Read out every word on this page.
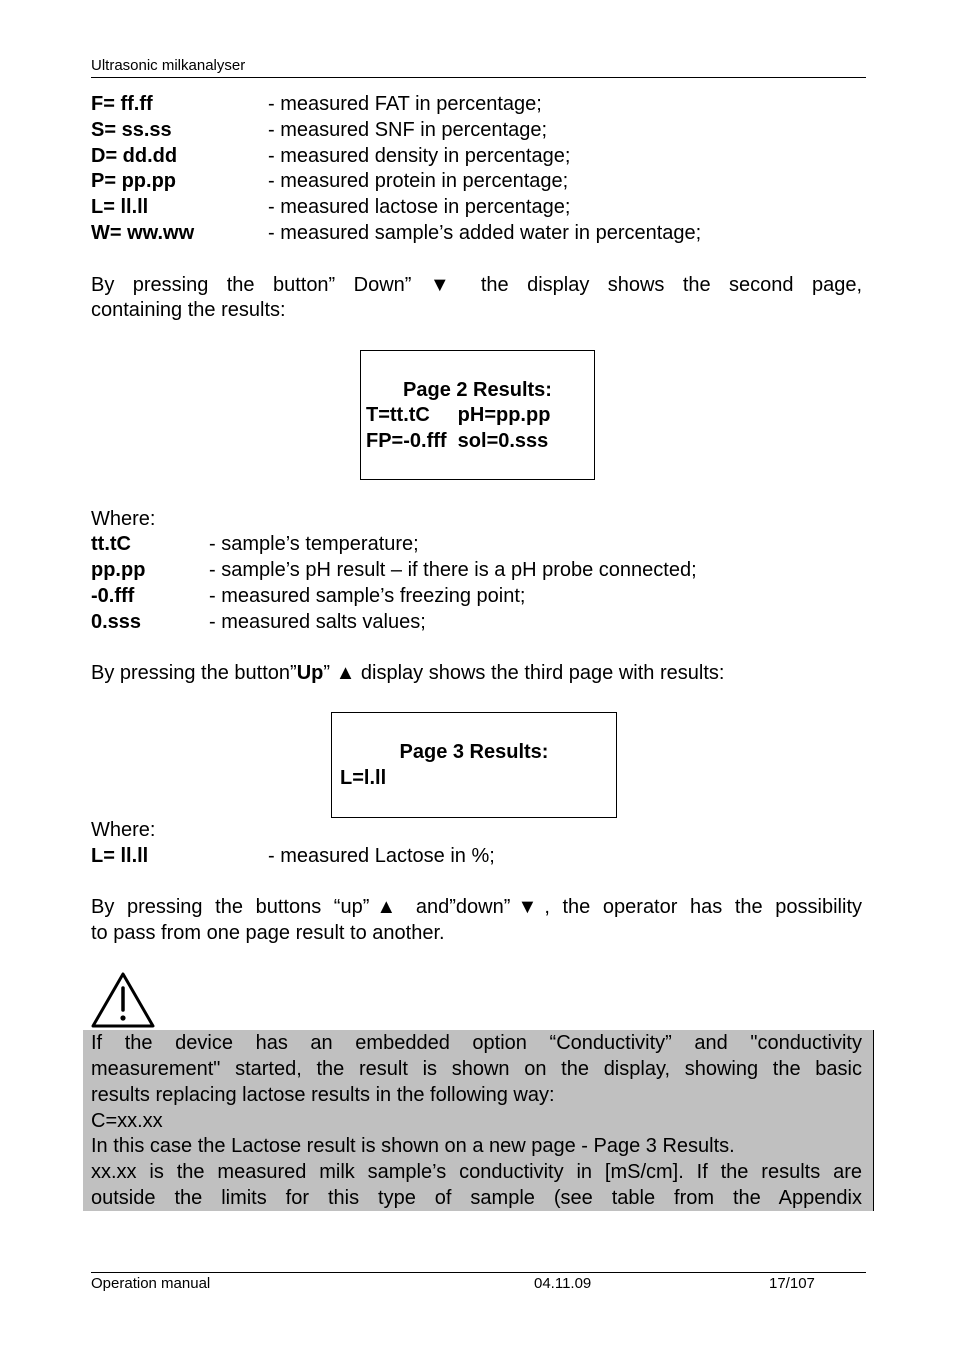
Ultrasonic milkanalyser
F= ff.ff	- measured FAT in percentage;
S= ss.ss	- measured SNF in percentage;
D= dd.dd	- measured density in percentage;
P= pp.pp	- measured protein in percentage;
L= ll.ll	- measured lactose in percentage;
W= ww.ww	- measured sample’s added water in percentage;
By pressing the button” Down” ▼ the display shows the second page,
containing the results:
Page 2 Results:
T=tt.tC     pH=pp.pp
FP=-0.fff  sol=0.sss
Where:
tt.tC	- sample’s temperature;
pp.pp	- sample’s pH result – if there is a pH probe connected;
-0.fff	- measured sample’s freezing point;
0.sss	- measured salts values;
By pressing the button”Up” ▲ display shows the third page with results:
Page 3 Results:
L=l.ll
Where:
L= ll.ll	- measured Lactose in %;
By pressing the buttons “up”▲ and”down”▼, the operator has the possibility
to pass from one page result to another.
If the device has an embedded option “Conductivity” and "conductivity
measurement" started, the result is shown on the display, showing the basic
results replacing lactose results in the following way:
C=xx.xx
In this case the Lactose result is shown on a new page - Page 3 Results.
xx.xx is the measured milk sample’s conductivity in [mS/cm]. If the results are
outside the limits for this type of sample (see table from the Appendix
Operation manual	04.11.09	17/107
